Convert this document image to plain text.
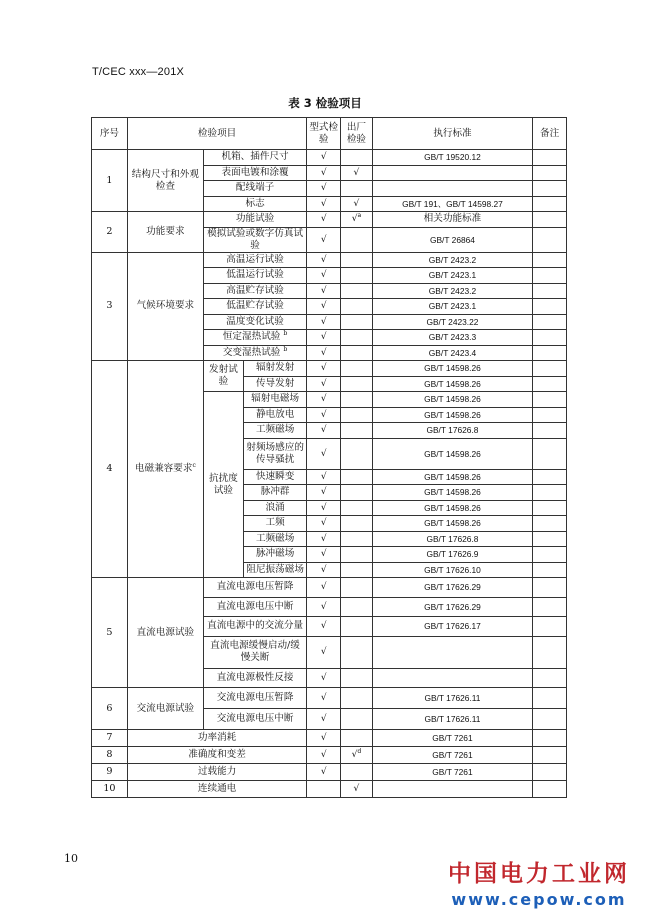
T/CEC xxx—201X
表 3 检验项目
序号	检验项目			型式检验	出厂检验	执行标准	备注
1	结构尺寸和外观检查	机箱、插件尺寸		√		GB/T 19520.12	
		表面电镀和涂覆		√	√		
		配线端子		√			
		标志		√	√	GB/T 191、GB/T 14598.27	
2	功能要求	功能试验		√	√$^a$	相关功能标准	
		模拟试验或数字仿真试验		√		GB/T 26864	
3	气候环境要求	高温运行试验		√		GB/T 2423.2	
		低温运行试验		√		GB/T 2423.1	
		高温贮存试验		√		GB/T 2423.2	
		低温贮存试验		√		GB/T 2423.1	
		温度变化试验		√		GB/T 2423.22	
		恒定湿热试验 $^b$		√		GB/T 2423.3	
		交变湿热试验 $^b$		√		GB/T 2423.4	
4	电磁兼容要求$^c$	发射试验	辐射发射	√		GB/T 14598.26	
			传导发射	√		GB/T 14598.26	
		抗扰度试验	辐射电磁场	√		GB/T 14598.26	
			静电放电	√		GB/T 14598.26	
			工频磁场	√		GB/T 17626.8	
			射频场感应的传导骚扰	√		GB/T 14598.26	
			快速瞬变	√		GB/T 14598.26	
			脉冲群	√		GB/T 14598.26	
			浪涌	√		GB/T 14598.26	
			工频	√		GB/T 14598.26	
			工频磁场	√		GB/T 17626.8	
			脉冲磁场	√		GB/T 17626.9	
			阻尼振荡磁场	√		GB/T 17626.10	
5	直流电源试验	直流电源电压暂降		√		GB/T 17626.29	
		直流电源电压中断		√		GB/T 17626.29	
		直流电源中的交流分量		√		GB/T 17626.17	
		直流电源缓慢启动/缓慢关断		√			
		直流电源极性反接		√			
6	交流电源试验	交流电源电压暂降		√		GB/T 17626.11	
		交流电源电压中断		√		GB/T 17626.11	
7	功率消耗			√		GB/T 7261	
8	准确度和变差			√	√$^d$	GB/T 7261	
9	过载能力			√		GB/T 7261	
10	连续通电				√		
10
中国电力工业网
www.cepow.com
